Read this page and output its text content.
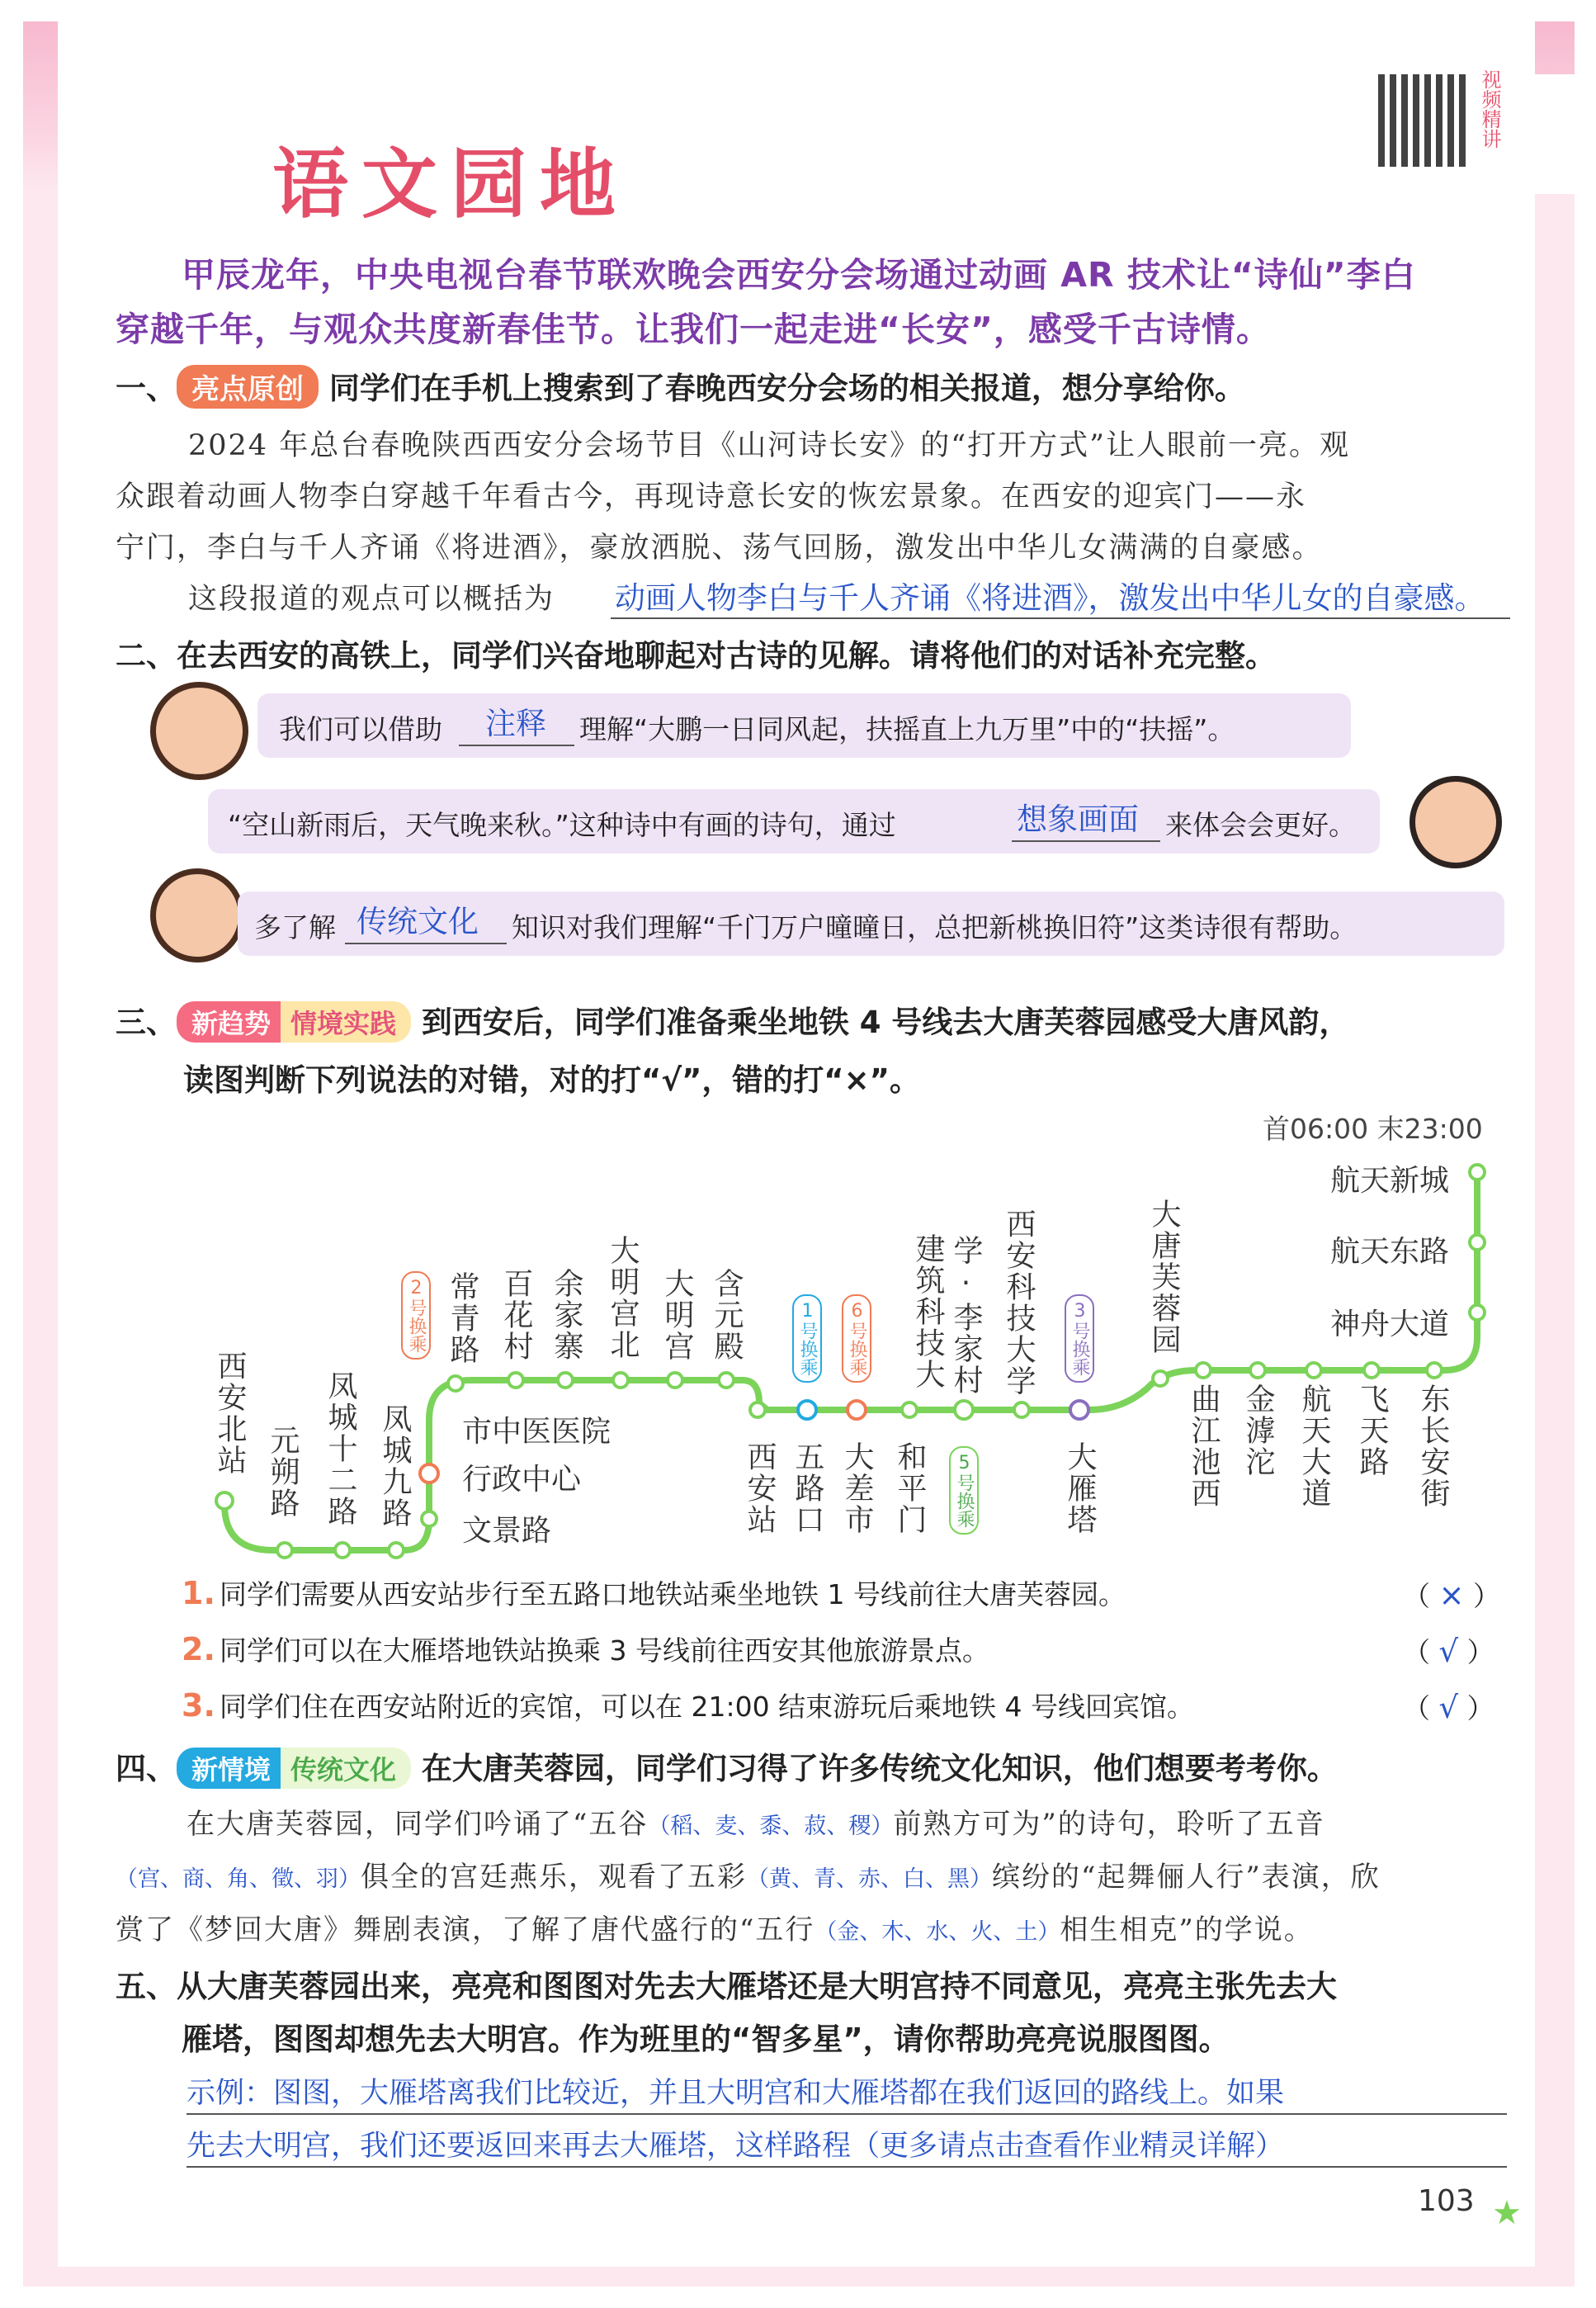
语文园地
视频精讲
甲辰龙年，中央电视台春节联欢晚会西安分会场通过动画 AR 技术让“诗仙”李白
穿越千年，与观众共度新春佳节。让我们一起走进“长安”，感受千古诗情。
一、 亮点原创 同学们在手机上搜索到了春晚西安分会场的相关报道，想分享给你。
2024 年总台春晚陕西西安分会场节目《山河诗长安》的“打开方式”让人眼前一亮。观
众跟着动画人物李白穿越千年看古今，再现诗意长安的恢宏景象。在西安的迎宾门——永
宁门，李白与千人齐诵《将进酒》，豪放洒脱、荡气回肠，激发出中华儿女满满的自豪感。
这段报道的观点可以概括为 动画人物李白与千人齐诵《将进酒》，激发出中华儿女的自豪感。
二、在去西安的高铁上，同学们兴奋地聊起对古诗的见解。请将他们的对话补充完整。
我们可以借助 注释 理解“大鹏一日同风起，扶摇直上九万里”中的“扶摇”。
“空山新雨后，天气晚来秋。”这种诗中有画的诗句，通过	想象画面 来体会会更好。
多了解 传统文化 知识对我们理解“千门万户曈曈日，总把新桃换旧符”这类诗很有帮助。
三、 新趋势 情境实践 到西安后，同学们准备乘坐地铁 4 号线去大唐芙蓉园感受大唐风韵，
读图判断下列说法的对错，对的打“√”，错的打“×”。
首06:00 末23:00
西安北站 元朔路 凤城十二路 凤城九路
常青路 百花村 余家寨 大明宫北 大明宫 含元殿
西安站 五路口 大差市 和平门
建筑科技大 学·李家村 西安科技大学
大雁塔
大唐芙蓉园
曲江池西 金滹沱 航天大道 飞天路 东长安街
市中医医院
行政中心
文景路
航天新城
航天东路
神舟大道
2号换乘	1号换乘 6号换乘
5号换乘
3号换乘
1. 同学们需要从西安站步行至五路口地铁站乘坐地铁 1 号线前往大唐芙蓉园。	（ × ）
2. 同学们可以在大雁塔地铁站换乘 3 号线前往西安其他旅游景点。	（ √ ）
3. 同学们住在西安站附近的宾馆，可以在 21:00 结束游玩后乘地铁 4 号线回宾馆。	（ √ ）
四、 新情境 传统文化 在大唐芙蓉园，同学们习得了许多传统文化知识，他们想要考考你。
在大唐芙蓉园，同学们吟诵了“五谷（稻、麦、黍、菽、稷）前熟方可为”的诗句，聆听了五音
（宫、商、角、徵、羽）俱全的宫廷燕乐，观看了五彩（黄、青、赤、白、黑）缤纷的“起舞俪人行”表演，欣
赏了《梦回大唐》舞剧表演，了解了唐代盛行的“五行（金、木、水、火、土）相生相克”的学说。
五、从大唐芙蓉园出来，亮亮和图图对先去大雁塔还是大明宫持不同意见，亮亮主张先去大
雁塔，图图却想先去大明宫。作为班里的“智多星”，请你帮助亮亮说服图图。
示例：图图，大雁塔离我们比较近，并且大明宫和大雁塔都在我们返回的路线上。如果
先去大明宫，我们还要返回来再去大雁塔，这样路程（更多请点击查看作业精灵详解）
103 ★
